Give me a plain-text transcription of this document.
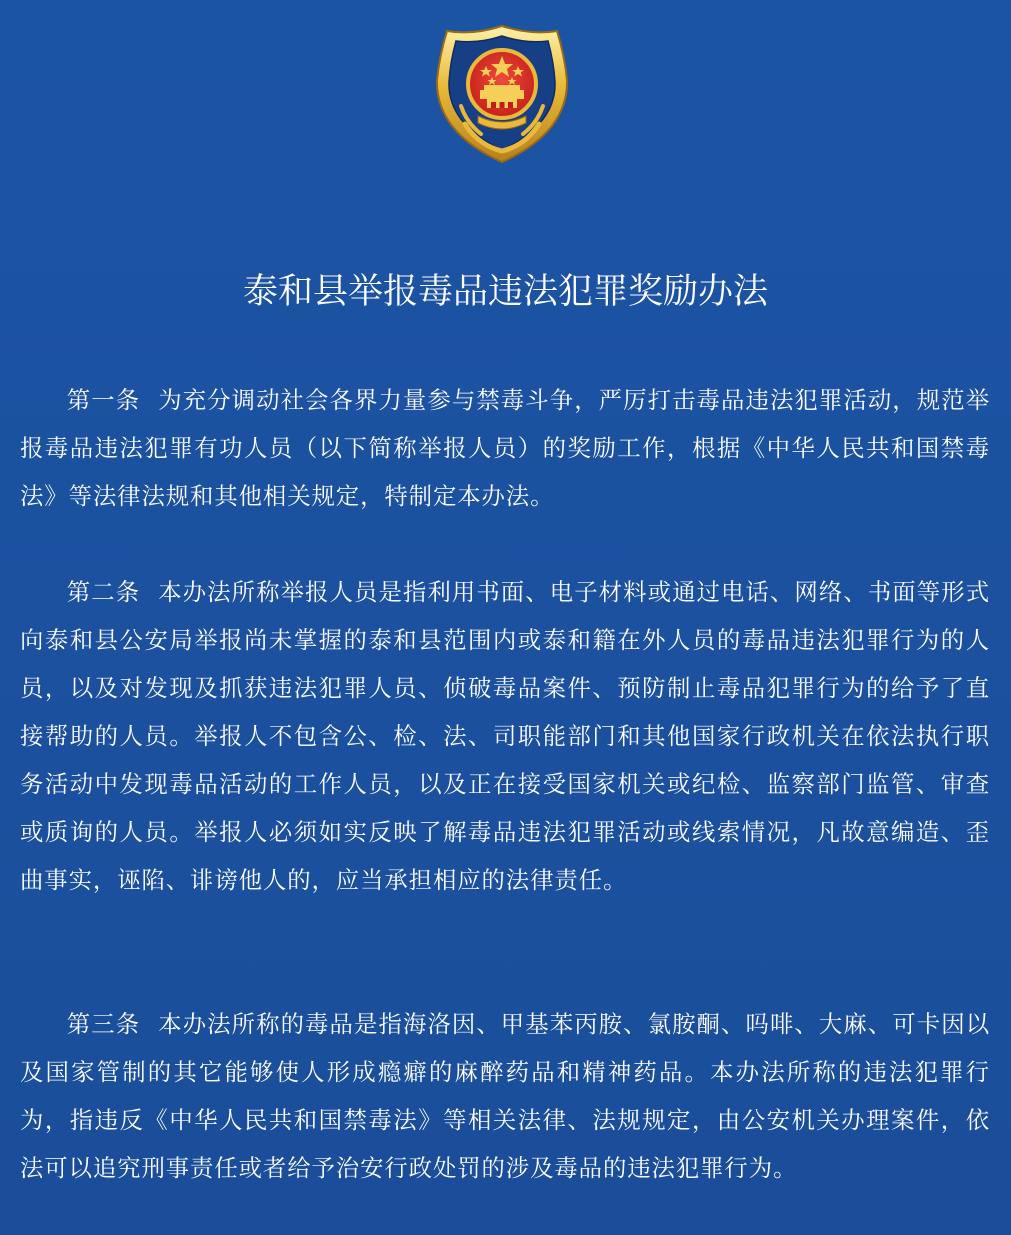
泰和县举报毒品违法犯罪奖励办法

第一条 为充分调动社会各界力量参与禁毒斗争，严厉打击毒品违法犯罪活动，规范举报毒品违法犯罪有功人员（以下简称举报人员）的奖励工作，根据《中华人民共和国禁毒法》等法律法规和其他相关规定，特制定本办法。

第二条 本办法所称举报人员是指利用书面、电子材料或通过电话、网络、书面等形式向泰和县公安局举报尚未掌握的泰和县范围内或泰和籍在外人员的毒品违法犯罪行为的人员，以及对发现及抓获违法犯罪人员、侦破毒品案件、预防制止毒品犯罪行为的给予了直接帮助的人员。举报人不包含公、检、法、司职能部门和其他国家行政机关在依法执行职务活动中发现毒品活动的工作人员，以及正在接受国家机关或纪检、监察部门监管、审查或质询的人员。举报人必须如实反映了解毒品违法犯罪活动或线索情况，凡故意编造、歪曲事实，诬陷、诽谤他人的，应当承担相应的法律责任。

第三条 本办法所称的毒品是指海洛因、甲基苯丙胺、氯胺酮、吗啡、大麻、可卡因以及国家管制的其它能够使人形成瘾癖的麻醉药品和精神药品。本办法所称的违法犯罪行为，指违反《中华人民共和国禁毒法》等相关法律、法规规定，由公安机关办理案件，依法可以追究刑事责任或者给予治安行政处罚的涉及毒品的违法犯罪行为。
